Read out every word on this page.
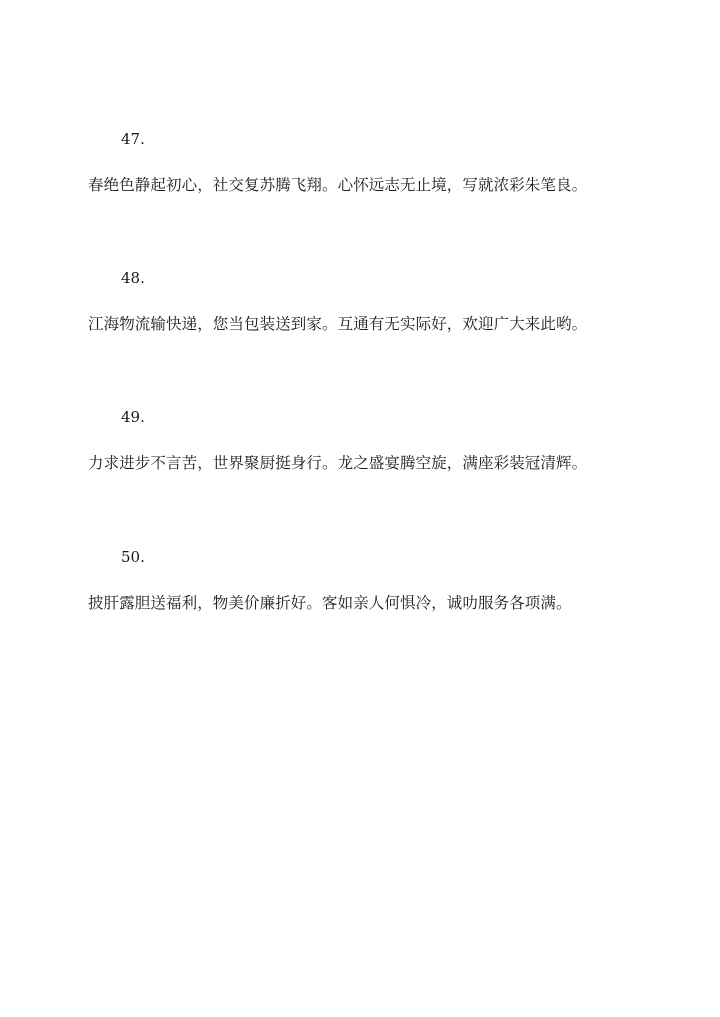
47.
春绝色静起初心，社交复苏腾飞翔。心怀远志无止境，写就浓彩朱笔良。
48.
江海物流输快递，您当包装送到家。互通有无实际好，欢迎广大来此哟。
49.
力求进步不言苦，世界聚厨挺身行。龙之盛宴腾空旋，满座彩装冠清辉。
50.
披肝露胆送福利，物美价廉折好。客如亲人何惧冷，诚叻服务各项满。
